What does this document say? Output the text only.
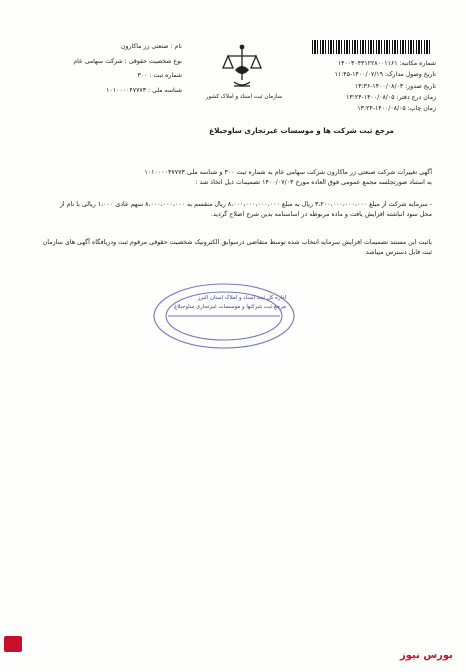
شماره مکاتبه: ۱۴۰۰۳۰۴۳۱۲۲۸۰۰۱۱۶۱
تاریخ وصول مدارک: ۱۴۰۰/۰۷/۱۹-۱۱:۴۵
تاریخ صدور: ۱۴۰۰/۰۸/۰۳-۱۳:۳۶
زمان درج دفتر: ۱۴۰۰/۰۸/۰۵-۱۳:۲۴
زمان چاپ: ۱۴۰۰/۰۸/۰۵-۱۳:۲۴
نام : صنعتی زر ماکارون
نوع شخصیت حقوقی : شرکت سهامی عام
شماره ثبت : ۳۰۰
شناسه ملی : ۱۰۱۰۰۰۰۴۷۷۷۳
سازمان ثبت اسناد و املاک کشور
مرجع ثبت شرکت ها و موسسات غیرتجاری ساوجبلاغ
آگهی تغییرات شرکت صنعتی زر ماکارون شرکت سهامی عام به شماره ثبت ۳۰۰ و شناسه ملی ۱۰۱۰۰۰۰۴۷۷۷۳
به استناد صورتجلسه مجمع عمومی فوق العاده مورخ ۱۴۰۰/۰۷/۰۳ تصمیمات ذیل اتخاذ شد :
- سرمایه شرکت از مبلغ ۳،۲۰۰،۰۰۰،۰۰۰،۰۰۰ ریال به مبلغ ۸،۰۰۰،۰۰۰،۰۰۰،۰۰۰ ریال منقسم به ۸،۰۰۰،۰۰۰،۰۰۰ سهم عادی ۱،۰۰۰ ریالی با نام از
محل سود انباشته افزایش یافت و ماده مربوطه در اساسنامه بدین شرح اصلاح گردید.
باثبت این مستند تصمیمات افزایش سرمایه انتخاب شده توسط متقاضی درسوابق الکترونیک شخصیت حقوقی مرقوم ثبت ودریافگاه آگهی های سازمان
ثبت قابل دسترس میباشد
اداره کل ثبت اسناد و املاک استان البرز
مرجع ثبت شرکتها و موسسات غیرتجاری ساوجبلاغ
بورس نیوز
